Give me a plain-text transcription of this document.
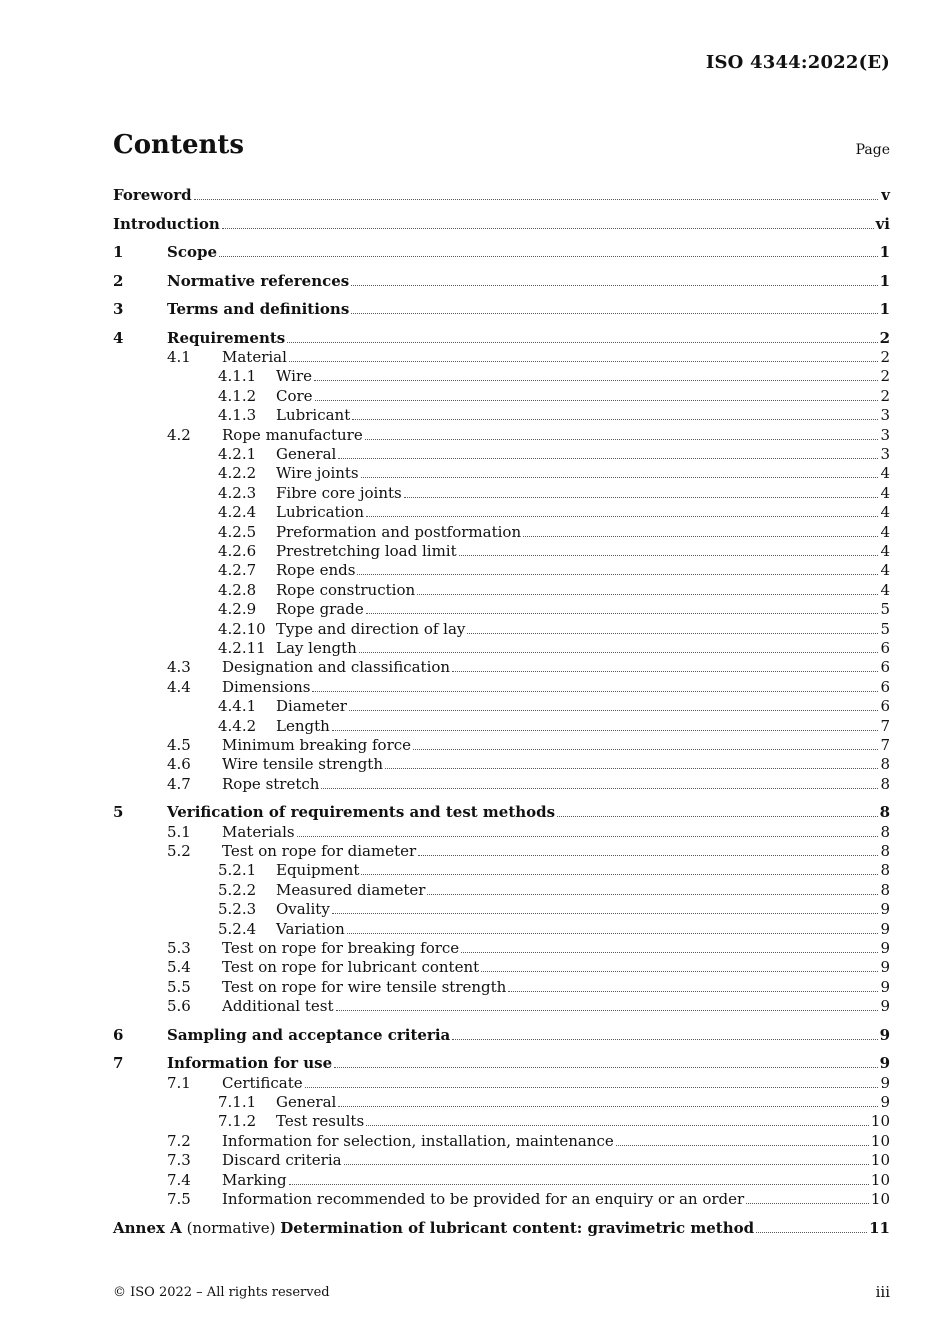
ISO 4344:2022(E)
Contents	Page
Foreword	v
Introduction	vi
1	Scope	1
2	Normative references	1
3	Terms and definitions	1
4	Requirements	2
4.1 Material	2
4.1.1 Wire	2
4.1.2 Core	2
4.1.3 Lubricant	3
4.2 Rope manufacture	3
4.2.1 General	3
4.2.2 Wire joints	4
4.2.3 Fibre core joints	4
4.2.4 Lubrication	4
4.2.5 Preformation and postformation	4
4.2.6 Prestretching load limit	4
4.2.7 Rope ends	4
4.2.8 Rope construction	4
4.2.9 Rope grade	5
4.2.10 Type and direction of lay	5
4.2.11 Lay length	6
4.3 Designation and classification	6
4.4 Dimensions	6
4.4.1 Diameter	6
4.4.2 Length	7
4.5 Minimum breaking force	7
4.6 Wire tensile strength	8
4.7 Rope stretch	8
5	Verification of requirements and test methods	8
5.1 Materials	8
5.2 Test on rope for diameter	8
5.2.1 Equipment	8
5.2.2 Measured diameter	8
5.2.3 Ovality	9
5.2.4 Variation	9
5.3 Test on rope for breaking force	9
5.4 Test on rope for lubricant content	9
5.5 Test on rope for wire tensile strength	9
5.6 Additional test	9
6	Sampling and acceptance criteria	9
7	Information for use	9
7.1 Certificate	9
7.1.1 General	9
7.1.2 Test results	10
7.2 Information for selection, installation, maintenance	10
7.3 Discard criteria	10
7.4 Marking	10
7.5 Information recommended to be provided for an enquiry or an order	10
Annex A (normative) Determination of lubricant content: gravimetric method	11
© ISO 2022 – All rights reserved	iii
